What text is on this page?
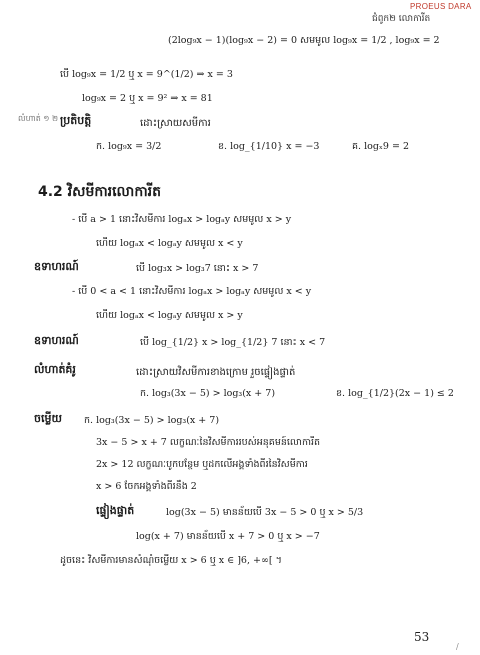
PROEUS DARA
ជំពូក២ លោការីត
(2log₉x − 1)(log₉x − 2) = 0 សមមូល log₉x = 1/2 , log₉x = 2
បើ log₉x = 1/2 ឬ x = 9^(1/2) ⇒ x = 3
log₉x = 2 ឬ x = 9² ⇒ x = 81
លំហាត់ ១ ២ ប្រតិបត្តិ	ដោះស្រាយសមីការ
ក. log₉x = 3/2	ខ. log_{1/10} x = −3	គ. logₓ9 = 2
4.2 វិសមីការលោការីត
- បើ a > 1 នោះវិសមីការ logₐx > logₐy សមមូល x > y
ហើយ logₐx < logₐy សមមូល x < y
ឧទាហរណ៍	បើ log₃x > log₃7 នោះ x > 7
- បើ 0 < a < 1 នោះវិសមីការ logₐx > logₐy សមមូល x < y
ហើយ logₐx < logₐy សមមូល x > y
ឧទាហរណ៍	បើ log_{1/2} x > log_{1/2} 7 នោះ x < 7
លំហាត់គំរូ	ដោះស្រាយវិសមីការខាងក្រោម រួចផ្ទៀងផ្ទាត់
ក. log₃(3x − 5) > log₃(x + 7)	ខ. log_{1/2}(2x − 1) ≤ 2
ចម្លើយ ក. log₃(3x − 5) > log₃(x + 7)
3x − 5 > x + 7 លក្ខណៈនៃវិសមីការរបស់អនុគមន៍លោការីត
2x > 12 លក្ខណៈបូកបន្ថែម ឬដកលើអង្គទាំងពីរនៃវិសមីការ
x > 6 ចែកអង្គទាំងពីរនឹង 2
ផ្ទៀងផ្ទាត់	log(3x − 5) មានន័យបើ 3x − 5 > 0 ឬ x > 5/3
log(x + 7) មានន័យបើ x + 7 > 0 ឬ x > −7
ដូចនេះ វិសមីការមានសំណុំចម្លើយ x > 6 ឬ x ∈ ]6, +∞[ ។
53
/
